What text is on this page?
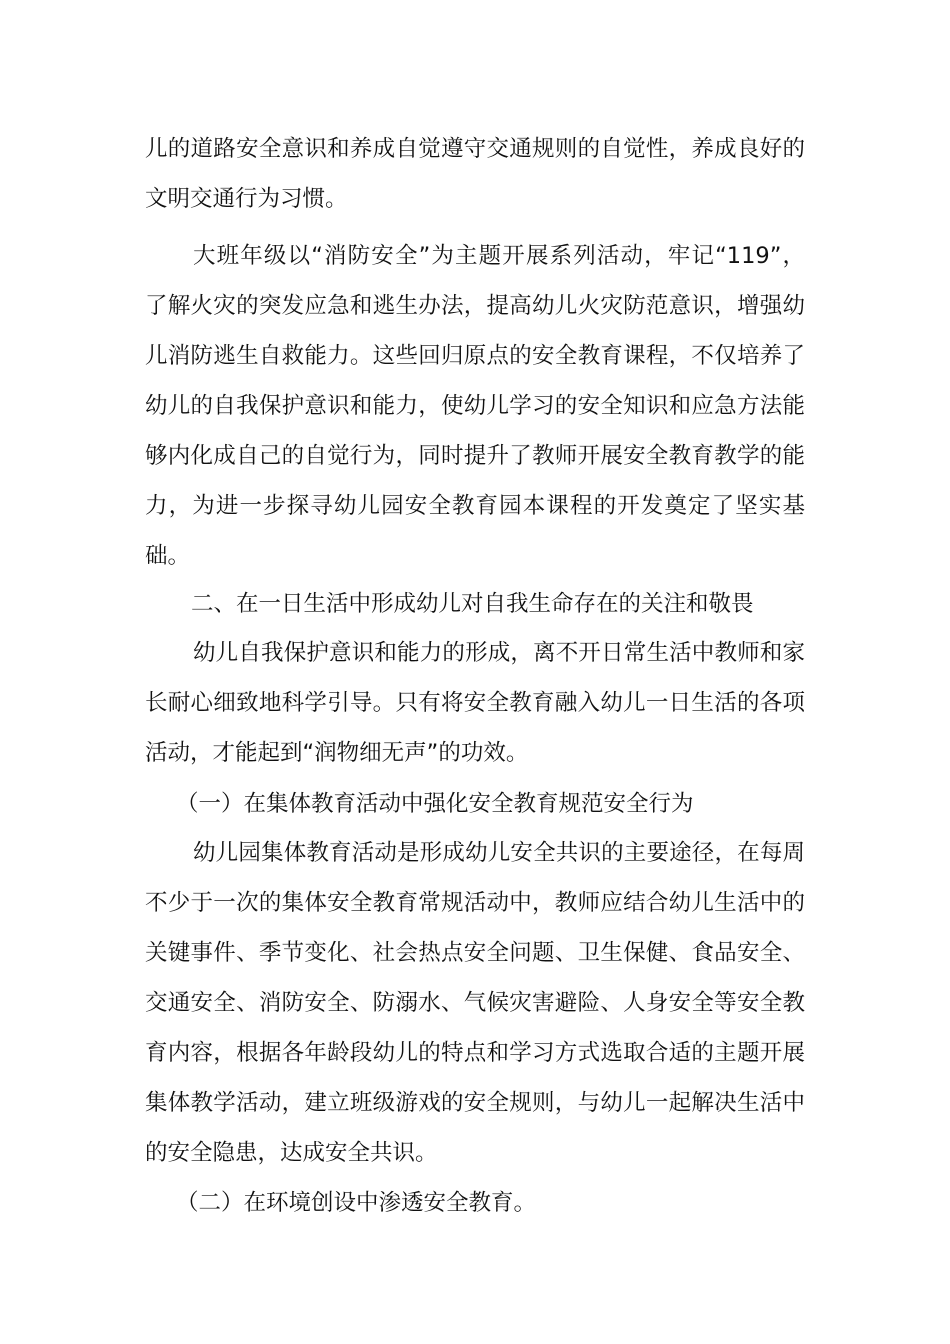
儿的道路安全意识和养成自觉遵守交通规则的自觉性，养成良好的
文明交通行为习惯。
大班年级以“消防安全”为主题开展系列活动，牢记“119”，
了解火灾的突发应急和逃生办法，提高幼儿火灾防范意识，增强幼
儿消防逃生自救能力。这些回归原点的安全教育课程，不仅培养了
幼儿的自我保护意识和能力，使幼儿学习的安全知识和应急方法能
够内化成自己的自觉行为，同时提升了教师开展安全教育教学的能
力，为进一步探寻幼儿园安全教育园本课程的开发奠定了坚实基
础。
二、在一日生活中形成幼儿对自我生命存在的关注和敬畏
幼儿自我保护意识和能力的形成，离不开日常生活中教师和家
长耐心细致地科学引导。只有将安全教育融入幼儿一日生活的各项
活动，才能起到“润物细无声”的功效。
（一）在集体教育活动中强化安全教育规范安全行为
幼儿园集体教育活动是形成幼儿安全共识的主要途径，在每周
不少于一次的集体安全教育常规活动中，教师应结合幼儿生活中的
关键事件、季节变化、社会热点安全问题、卫生保健、食品安全、
交通安全、消防安全、防溺水、气候灾害避险、人身安全等安全教
育内容，根据各年龄段幼儿的特点和学习方式选取合适的主题开展
集体教学活动，建立班级游戏的安全规则，与幼儿一起解决生活中
的安全隐患，达成安全共识。
（二）在环境创设中渗透安全教育。
